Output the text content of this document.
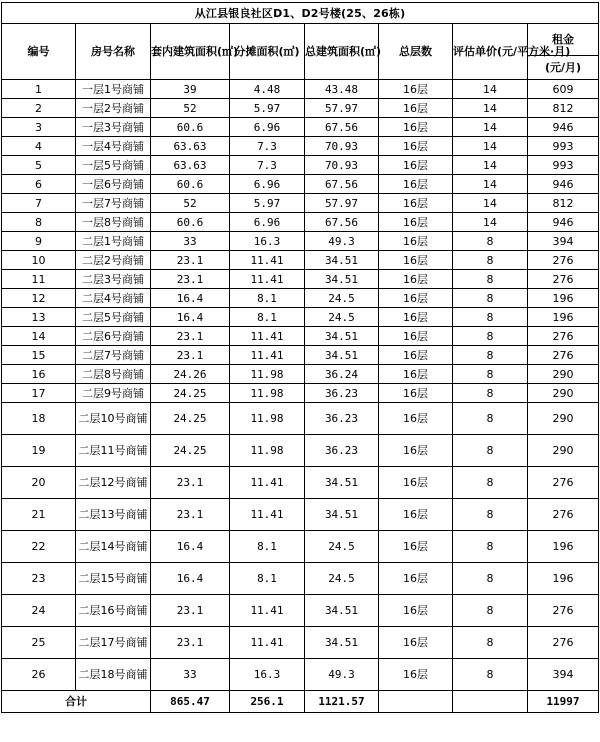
从江县银良社区D1、D2号楼(25、26栋)							
编号	房号名称	套内建筑面积(㎡)	分摊面积(㎡)	总建筑面积(㎡)	总层数	评估单价(元/平方米·月)	租金
							(元/月)
1	一层1号商铺	39	4.48	43.48	16层	14	609
2	一层2号商铺	52	5.97	57.97	16层	14	812
3	一层3号商铺	60.6	6.96	67.56	16层	14	946
4	一层4号商铺	63.63	7.3	70.93	16层	14	993
5	一层5号商铺	63.63	7.3	70.93	16层	14	993
6	一层6号商铺	60.6	6.96	67.56	16层	14	946
7	一层7号商铺	52	5.97	57.97	16层	14	812
8	一层8号商铺	60.6	6.96	67.56	16层	14	946
9	二层1号商铺	33	16.3	49.3	16层	8	394
10	二层2号商铺	23.1	11.41	34.51	16层	8	276
11	二层3号商铺	23.1	11.41	34.51	16层	8	276
12	二层4号商铺	16.4	8.1	24.5	16层	8	196
13	二层5号商铺	16.4	8.1	24.5	16层	8	196
14	二层6号商铺	23.1	11.41	34.51	16层	8	276
15	二层7号商铺	23.1	11.41	34.51	16层	8	276
16	二层8号商铺	24.26	11.98	36.24	16层	8	290
17	二层9号商铺	24.25	11.98	36.23	16层	8	290
18	二层10号商铺	24.25	11.98	36.23	16层	8	290
19	二层11号商铺	24.25	11.98	36.23	16层	8	290
20	二层12号商铺	23.1	11.41	34.51	16层	8	276
21	二层13号商铺	23.1	11.41	34.51	16层	8	276
22	二层14号商铺	16.4	8.1	24.5	16层	8	196
23	二层15号商铺	16.4	8.1	24.5	16层	8	196
24	二层16号商铺	23.1	11.41	34.51	16层	8	276
25	二层17号商铺	23.1	11.41	34.51	16层	8	276
26	二层18号商铺	33	16.3	49.3	16层	8	394
合计		865.47	256.1	1121.57			11997
